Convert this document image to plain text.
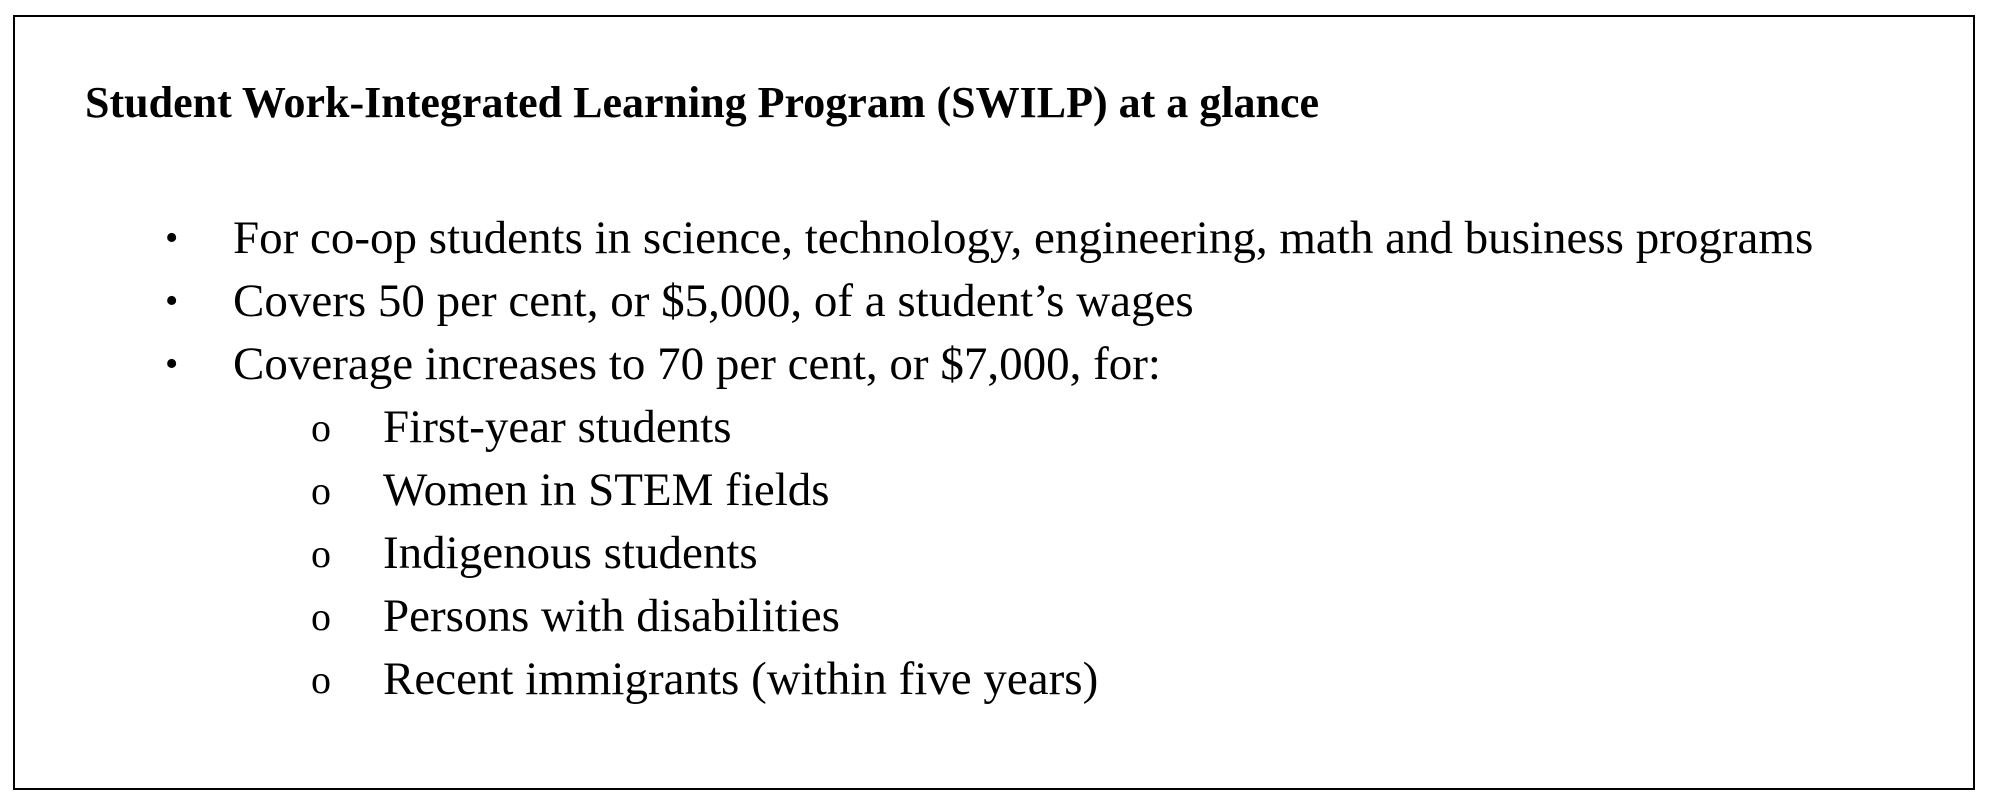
Student Work-Integrated Learning Program (SWILP) at a glance
•	For co-op students in science, technology, engineering, math and business programs
•	Covers 50 per cent, or $5,000, of a student’s wages
•	Coverage increases to 70 per cent, or $7,000, for:
o	First-year students
o	Women in STEM fields
o	Indigenous students
o	Persons with disabilities
o	Recent immigrants (within five years)
